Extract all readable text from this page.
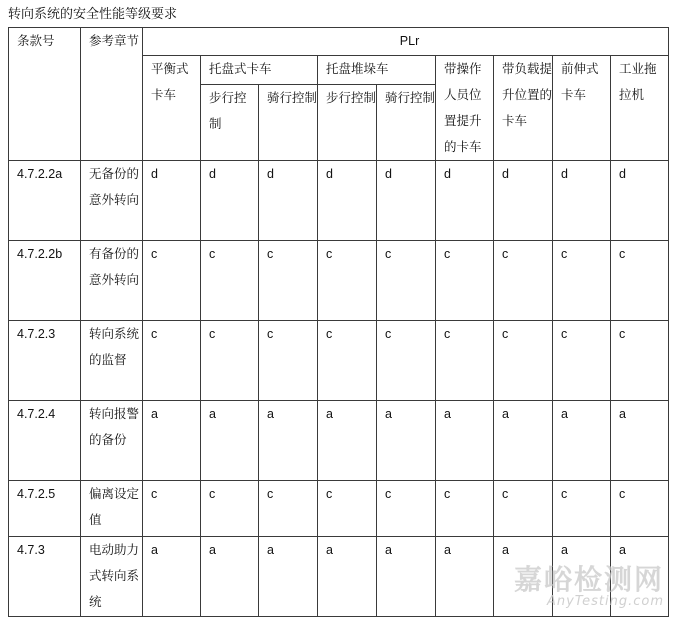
转向系统的安全性能等级要求
条款号	参考章节	PLr								
		平衡式卡车	托盘式卡车		托盘堆垛车		带操作人员位置提升的卡车	带负载提升位置的卡车	前伸式卡车	工业拖拉机
			步行控制	骑行控制	步行控制	骑行控制				
4.7.2.2a	无备份的意外转向	d	d	d	d	d	d	d	d	d
4.7.2.2b	有备份的意外转向	c	c	c	c	c	c	c	c	c
4.7.2.3	转向系统的监督	c	c	c	c	c	c	c	c	c
4.7.2.4	转向报警的备份	a	a	a	a	a	a	a	a	a
4.7.2.5	偏离设定值	c	c	c	c	c	c	c	c	c
4.7.3	电动助力式转向系统	a	a	a	a	a	a	a	a	a
嘉峪检测网
AnyTesting.com
